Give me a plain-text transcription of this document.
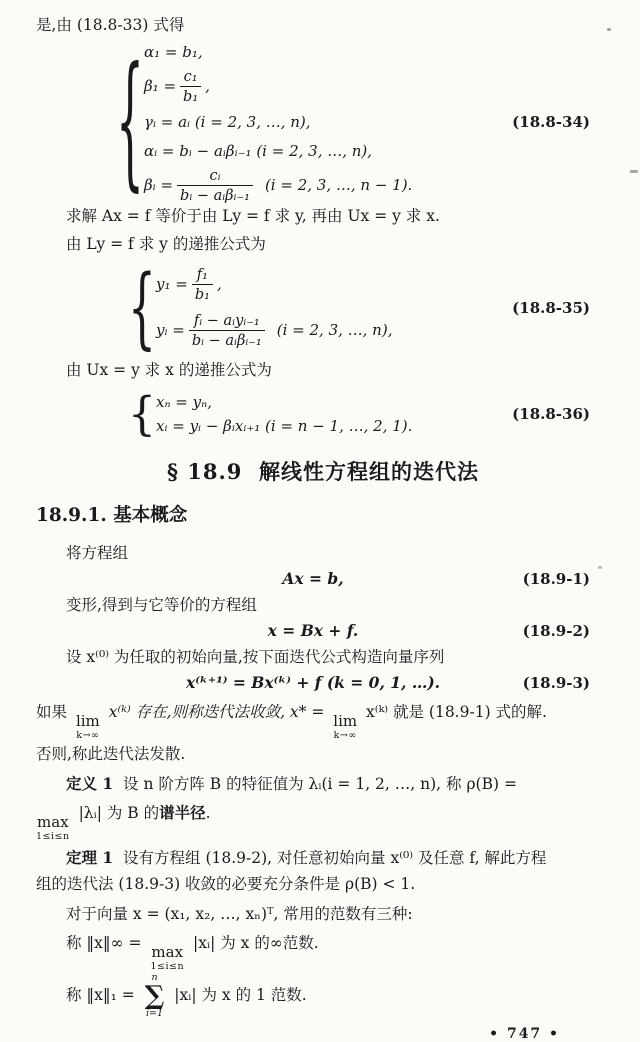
是,由 (18.8-33) 式得

{ α₁ = b₁,
$\beta_1 = \frac{\text{c₁}}{\text{b₁}}$ ,
γᵢ = aᵢ (i = 2, 3, …, n),
αᵢ = bᵢ − aᵢβᵢ₋₁ (i = 2, 3, …, n),
βᵢ = $\frac{\text{cᵢ}}{\text{bᵢ − aᵢβᵢ₋₁}} (i = 2$, 3, …, n − 1).
(18.8-34)

求解 Ax = f 等价于由 Ly = f 求 y, 再由 Ux = y 求 x.

由 Ly = f 求 y 的递推公式为

{ $y_1 = \frac{\text{f₁}}{\text{b₁}}$ ,
yᵢ = $\frac{\text{fᵢ − aᵢyᵢ₋₁}}{\text{bᵢ − aᵢβᵢ₋₁}} (i = 2$, 3, …, n),
(18.8-35)

由 Ux = y 求 x 的递推公式为

{ xₙ = yₙ,
xᵢ = yᵢ − βᵢxᵢ₊₁ (i = n − 1, …, 2, 1).
(18.8-36)
§ 18.9 解线性方程组的迭代法
18.9.1. 基本概念

将方程组

Ax = b,	(18.9-1)

变形,得到与它等价的方程组

x = Bx + f.	(18.9-2)

设 x⁽⁰⁾ 为任取的初始向量,按下面迭代公式构造向量序列

x⁽ᵏ⁺¹⁾ = Bx⁽ᵏ⁾ + f (k = 0, 1, …).	(18.9-3)

如果 lim
k→∞
x⁽ᵏ⁾ 存在,则称迭代法收敛, x* = lim
k→∞
x⁽ᵏ⁾ 就是 (18.9-1) 式的解.

否则,称此迭代法发散.

定义 1 设 n 阶方阵 B 的特征值为 λᵢ(i = 1, 2, …, n), 称 ρ(B) =

max
1≤i≤n
|λᵢ| 为 B 的谱半径.

定理 1 设有方程组 (18.9-2), 对任意初始向量 x⁽⁰⁾ 及任意 f, 解此方程

组的迭代法 (18.9-3) 收敛的必要充分条件是 ρ(B) < 1.

对于向量 x = (x₁, x₂, …, xₙ)ᵀ, 常用的范数有三种:

称 ‖x‖∞ = max
1≤i≤n
|xᵢ| 为 x 的∞范数.

称 ‖x‖₁ =
n
∑
i=1
|xᵢ| 为 x 的 1 范数.

• 747 •
